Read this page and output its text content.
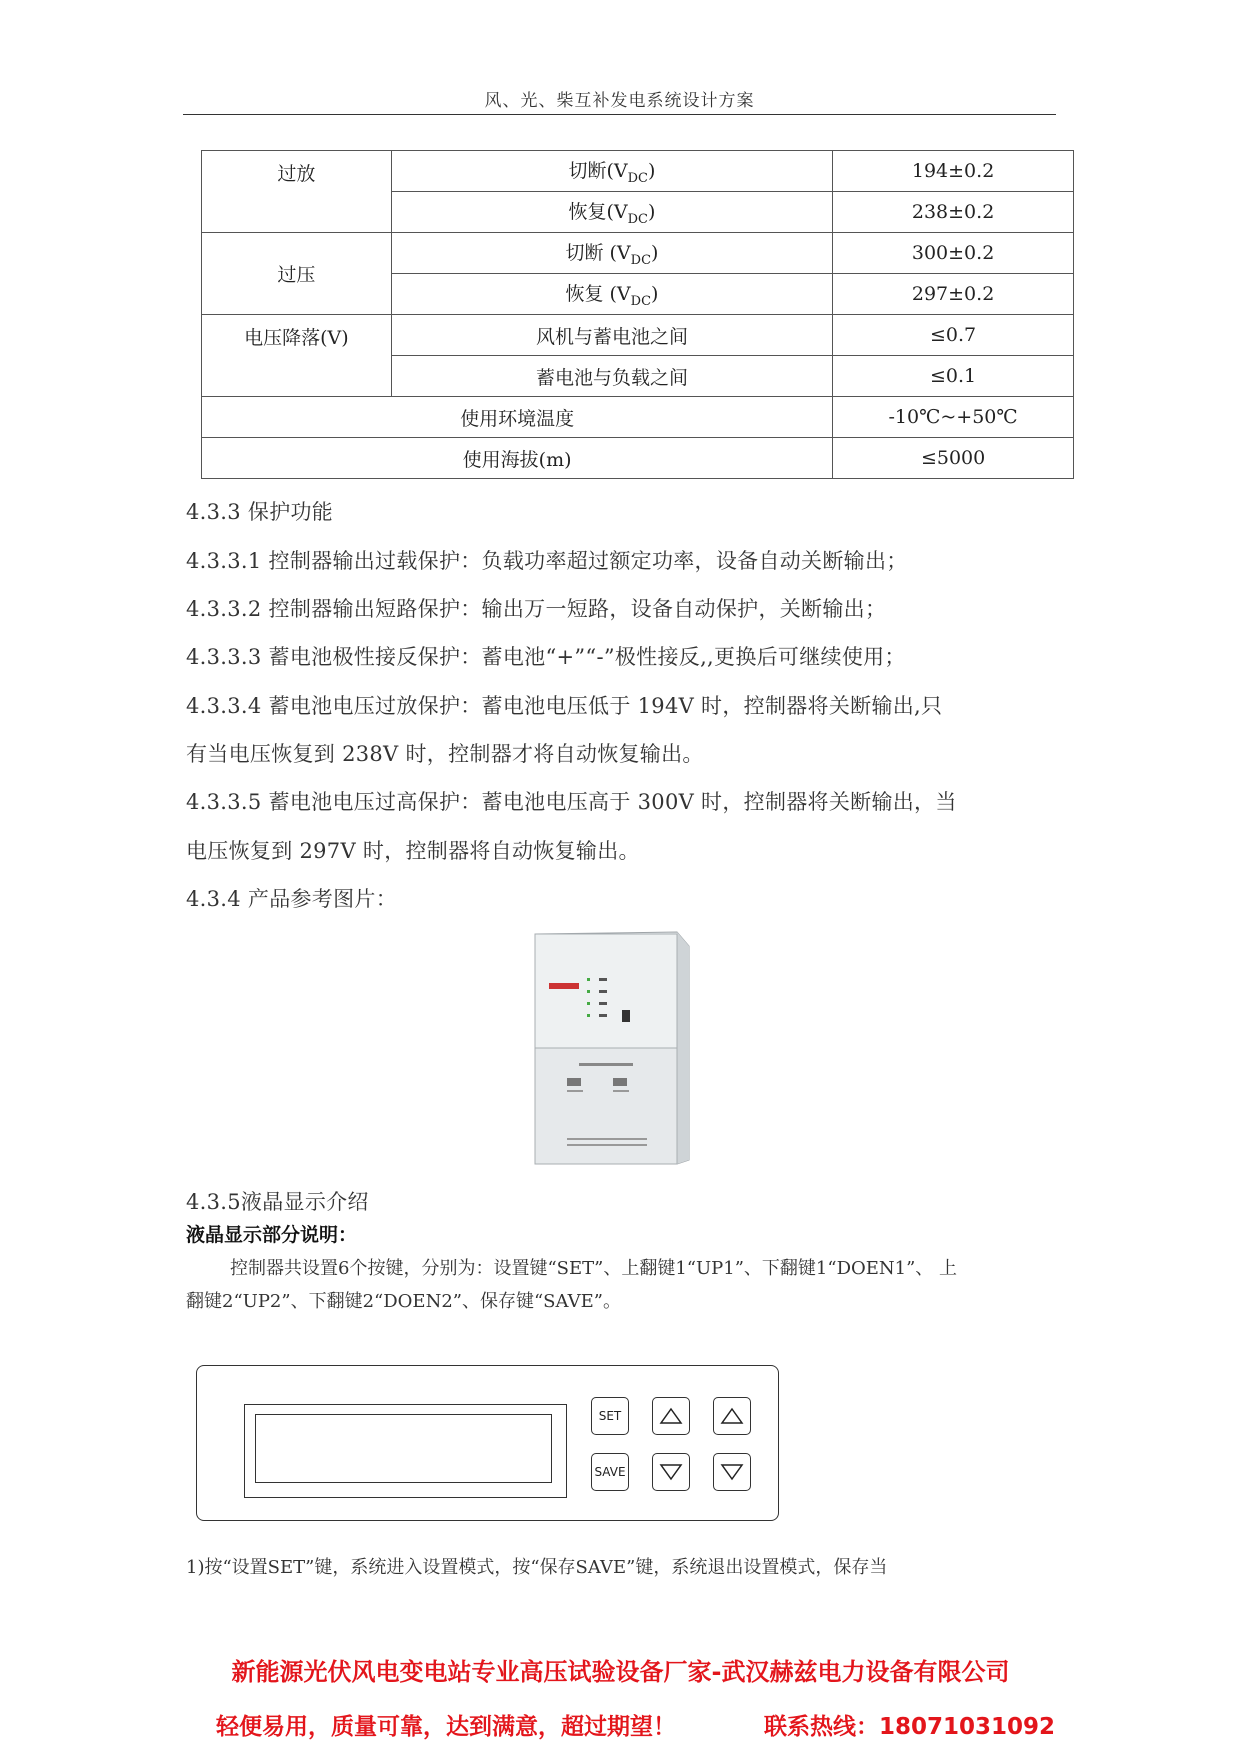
风、光、柴互补发电系统设计方案
过放	切断$(V_{DC})$	194±0.2
	恢复$(V_{DC})$	238±0.2
过压	切断 $(V_{DC})$	300±0.2
	恢复 $(V_{DC})$	297±0.2
电压降落(V)	风机与蓄电池之间	≤0.7
	蓄电池与负载之间	≤0.1
使用环境温度		-10℃~+50℃
使用海拔(m)		≤5000
4.3.3 保护功能
4.3.3.1 控制器输出过载保护：负载功率超过额定功率，设备自动关断输出；
4.3.3.2 控制器输出短路保护：输出万一短路，设备自动保护，关断输出；
4.3.3.3 蓄电池极性接反保护：蓄电池“+”“-”极性接反,,更换后可继续使用；
4.3.3.4 蓄电池电压过放保护：蓄电池电压低于 194V 时，控制器将关断输出,只
有当电压恢复到 238V 时，控制器才将自动恢复输出。
4.3.3.5 蓄电池电压过高保护：蓄电池电压高于 300V 时，控制器将关断输出，当
电压恢复到 297V 时，控制器将自动恢复输出。
4.3.4 产品参考图片：
4.3.5液晶显示介绍
液晶显示部分说明：
控制器共设置6个按键，分别为：设置键“SET”、上翻键1“UP1”、下翻键1“DOEN1”、 上
翻键2“UP2”、下翻键2“DOEN2”、保存键“SAVE”。
SET
SAVE
1)按“设置SET”键，系统进入设置模式，按“保存SAVE”键，系统退出设置模式，保存当
新能源光伏风电变电站专业高压试验设备厂家-武汉赫兹电力设备有限公司
轻便易用，质量可靠，达到满意，超过期望！	联系热线：18071031092
